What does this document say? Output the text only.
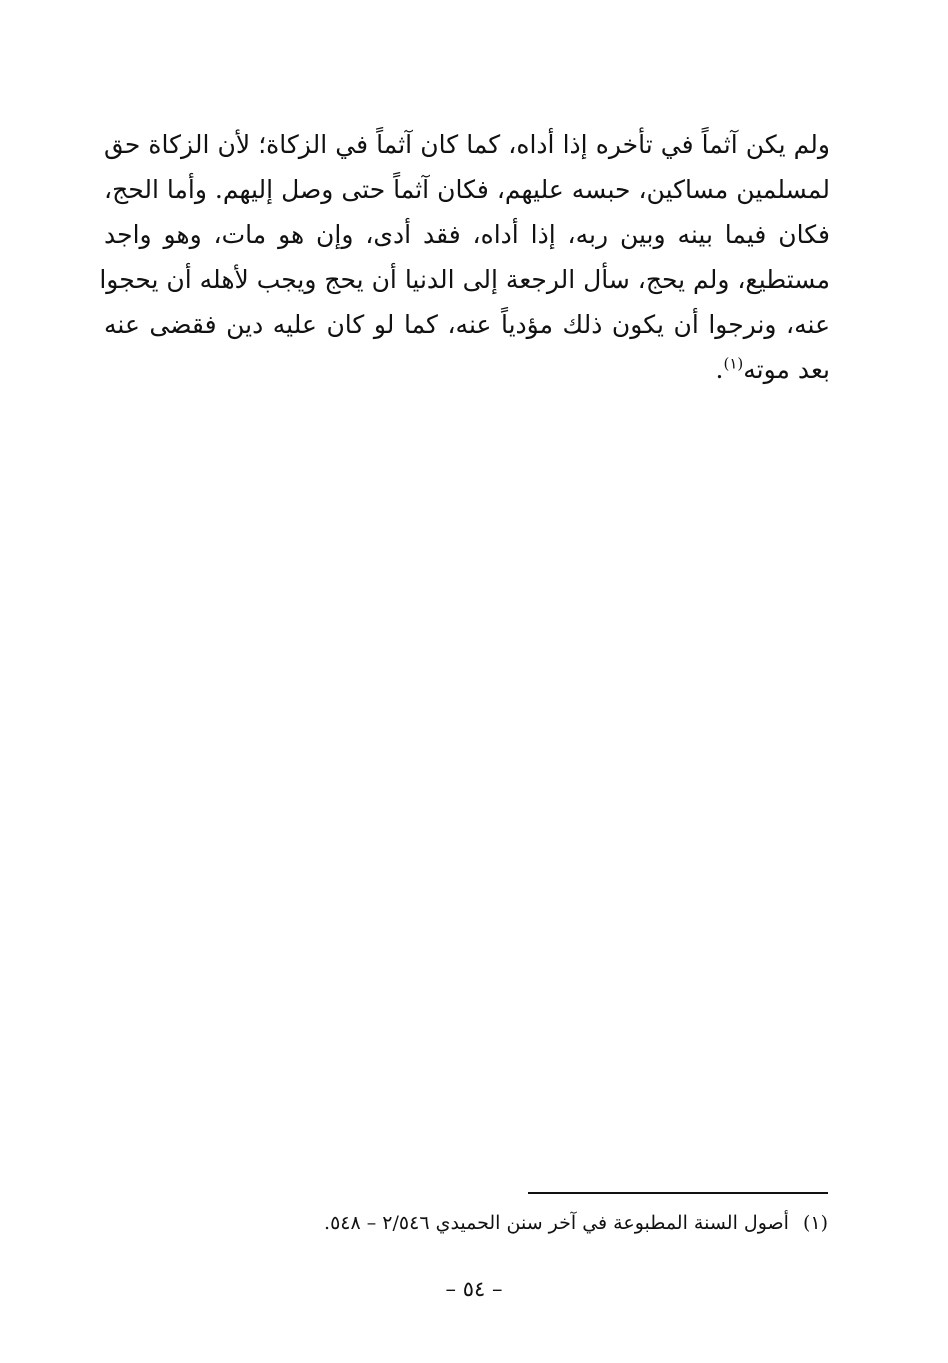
ولم يكن آثماً في تأخره إذا أداه، كما كان آثماً في الزكاة؛ لأن الزكاة حق
لمسلمين مساكين، حبسه عليهم، فكان آثماً حتى وصل إليهم. وأما الحج،
فكان فيما بينه وبين ربه، إذا أداه، فقد أدى، وإن هو مات، وهو واجد
مستطيع، ولم يحج، سأل الرجعة إلى الدنيا أن يحج ويجب لأهله أن يحجوا
عنه، ونرجوا أن يكون ذلك مؤدياً عنه، كما لو كان عليه دين فقضى عنه
بعد موته$^{(١)}$.
(١)أصول السنة المطبوعة في آخر سنن الحميدي ٢/٥٤٦ – ٥٤٨.
– ٥٤ –
